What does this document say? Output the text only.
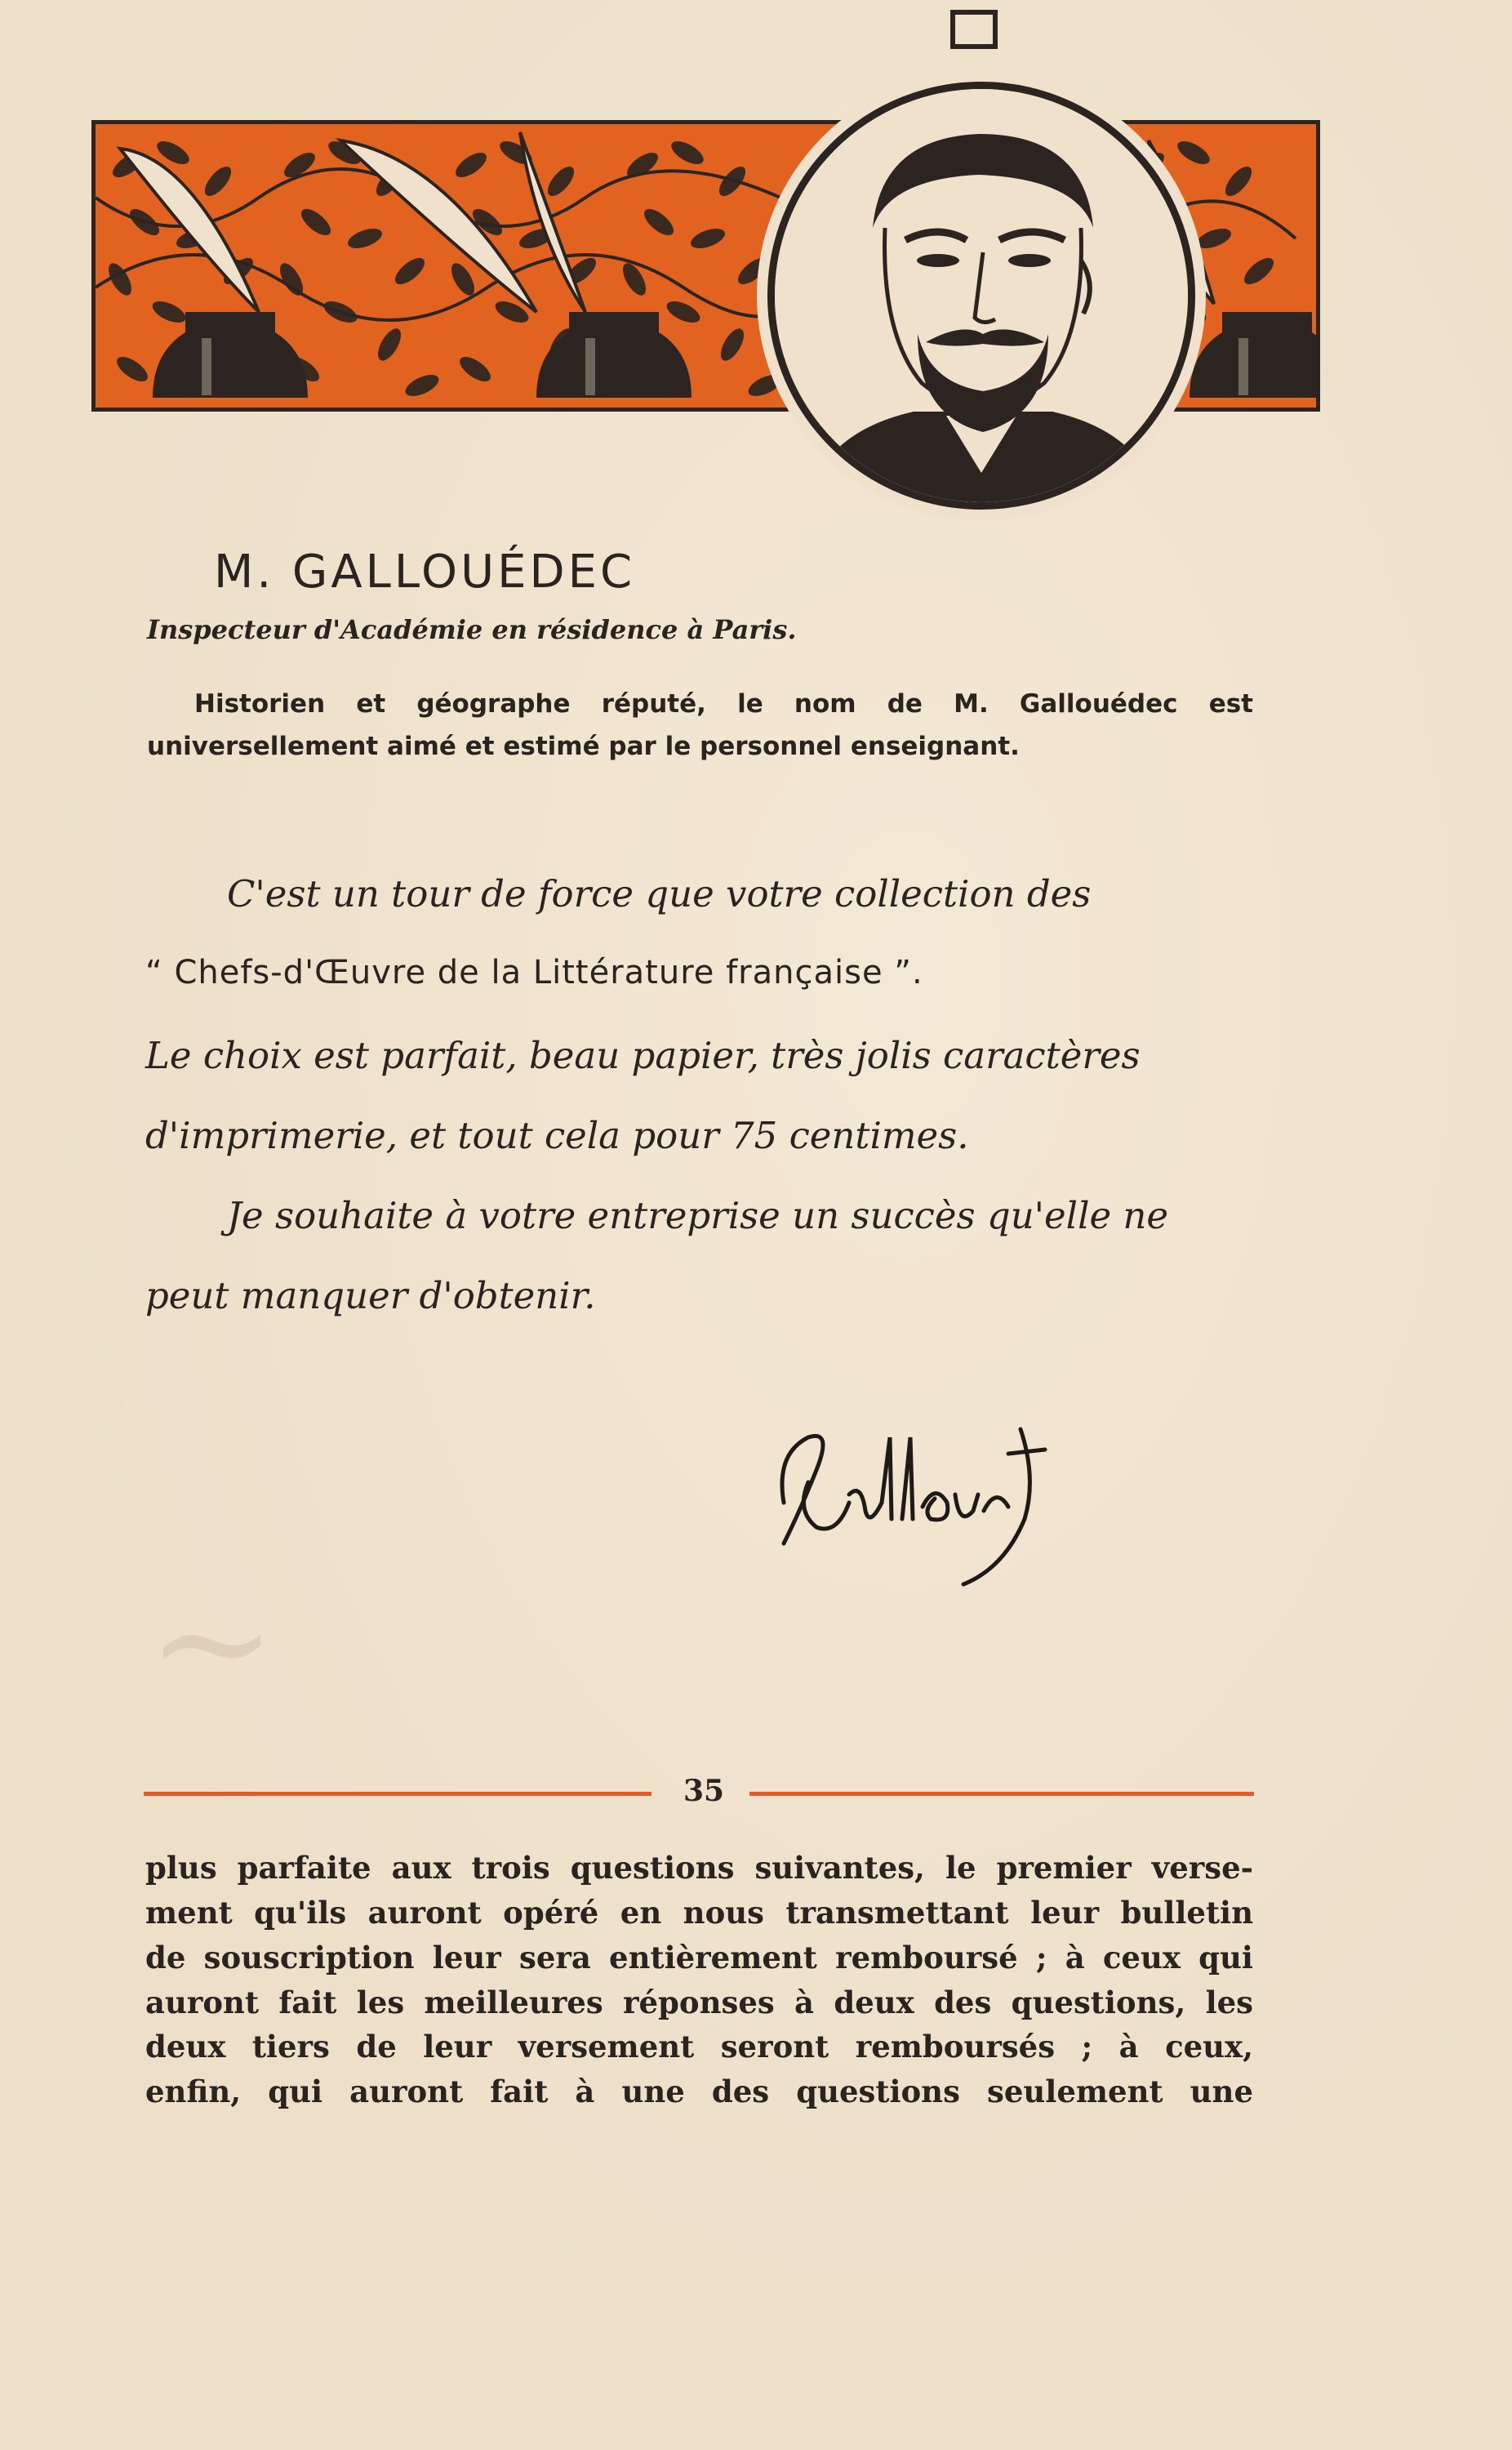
~
M. GALLOUÉDEC
Inspecteur d'Académie en résidence à Paris.
Historien et géographe réputé, le nom de M. Gallouédec est universellement aimé et estimé par le personnel enseignant.
C'est un tour de force que votre collection des
“ Chefs-d'Œuvre de la Littérature française ”.
Le choix est parfait, beau papier, très jolis caractères
d'imprimerie, et tout cela pour 75 centimes.
Je souhaite à votre entreprise un succès qu'elle ne
peut manquer d'obtenir.
35
plus parfaite aux trois questions suivantes, le premier verse-
ment qu'ils auront opéré en nous transmettant leur bulletin
de souscription leur sera entièrement remboursé ; à ceux qui
auront fait les meilleures réponses à deux des questions, les
deux tiers de leur versement seront remboursés ; à ceux,
enfin, qui auront fait à une des questions seulement une
